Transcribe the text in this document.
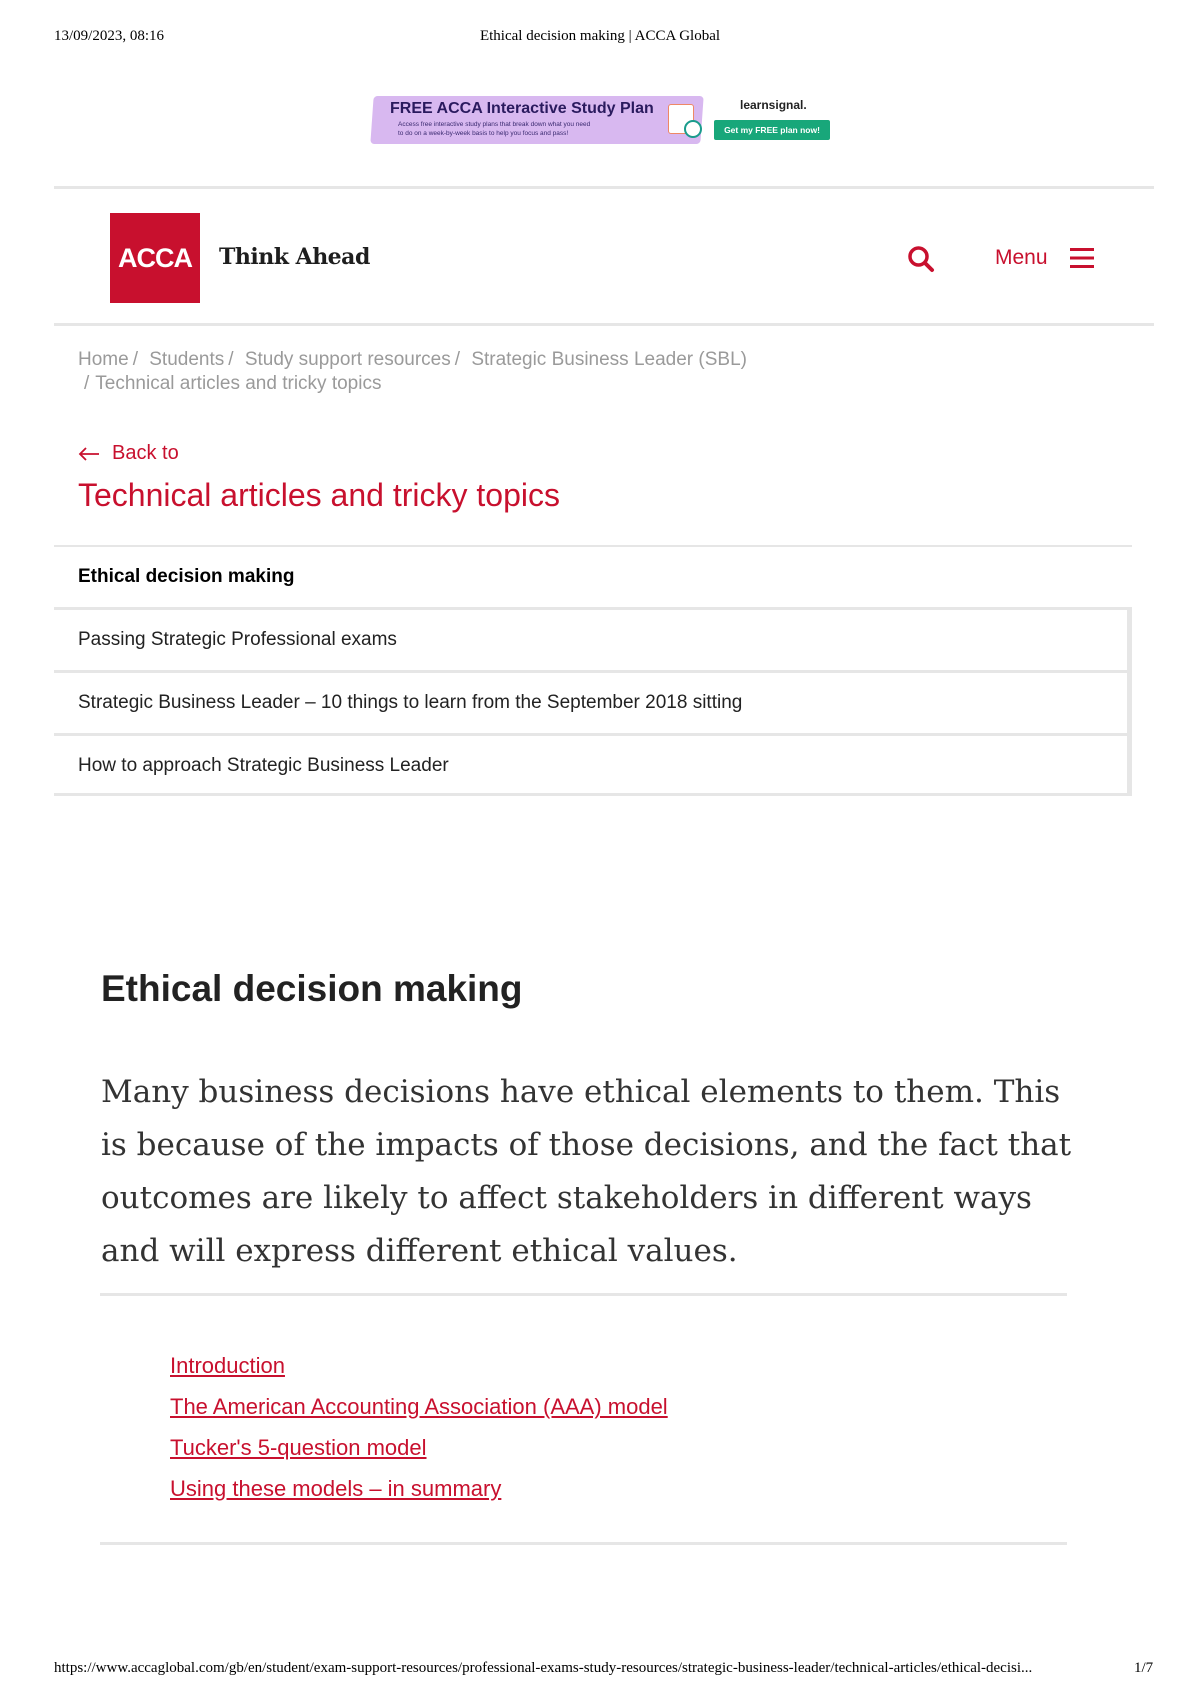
13/09/2023, 08:16	Ethical decision making | ACCA Global
FREE ACCA Interactive Study Plan
Access free interactive study plans that break down what you need
to do on a week-by-week basis to help you focus and pass!
learnsignal.
Get my FREE plan now!
ACCA	Think Ahead	Menu
Home / Students / Study support resources / Strategic Business Leader (SBL)
/ Technical articles and tricky topics
Back to
Technical articles and tricky topics
Ethical decision making
Passing Strategic Professional exams
Strategic Business Leader – 10 things to learn from the September 2018 sitting
How to approach Strategic Business Leader
Ethical decision making

Many business decisions have ethical elements to them. This is because of the impacts of those decisions, and the fact that outcomes are likely to affect stakeholders in different ways and will express different ethical values.

Introduction
The American Accounting Association (AAA) model
Tucker's 5-question model
Using these models – in summary
https://www.accaglobal.com/gb/en/student/exam-support-resources/professional-exams-study-resources/strategic-business-leader/technical-articles/ethical-decisi...	1/7
